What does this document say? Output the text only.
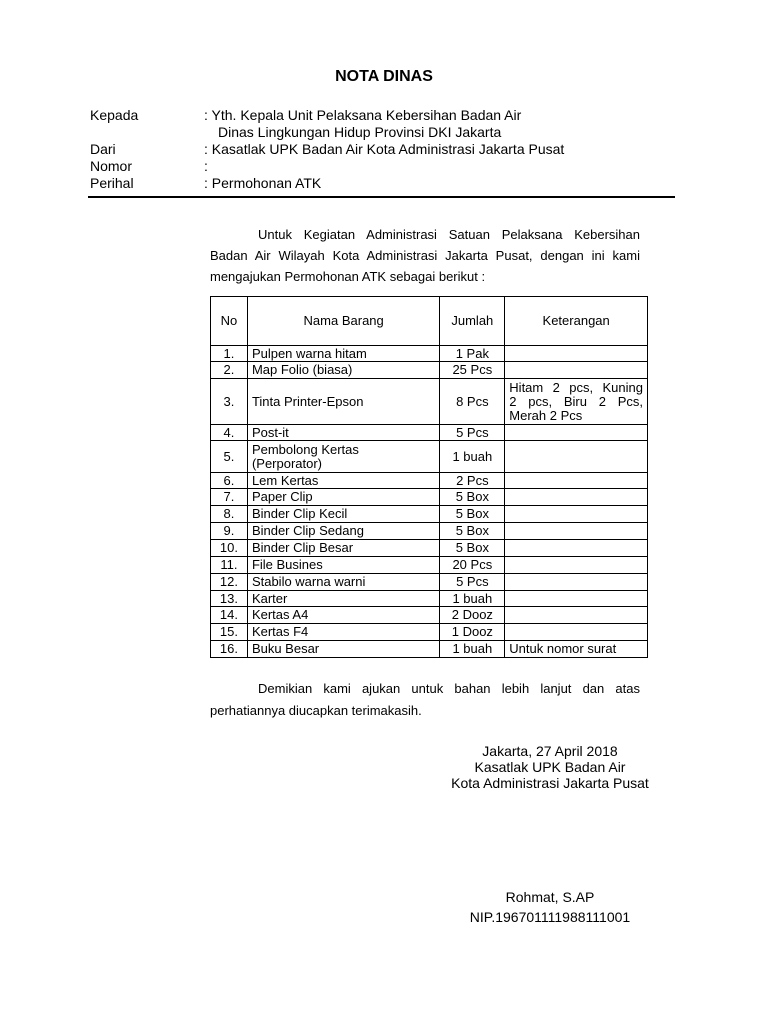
NOTA DINAS
Kepada	: Yth. Kepala Unit Pelaksana Kebersihan Badan Air
Dinas Lingkungan Hidup Provinsi DKI Jakarta
Dari	: Kasatlak UPK Badan Air Kota Administrasi Jakarta Pusat
Nomor	:
Perihal	: Permohonan ATK
Untuk Kegiatan Administrasi Satuan Pelaksana Kebersihan
Badan Air Wilayah Kota Administrasi Jakarta Pusat, dengan ini kami
mengajukan Permohonan ATK sebagai berikut :
No	Nama Barang	Jumlah	Keterangan
1.	Pulpen warna hitam	1 Pak	
2.	Map Folio (biasa)	25 Pcs	
3.	Tinta Printer-Epson	8 Pcs	Hitam 2 pcs, Kuning
2 pcs, Biru 2 Pcs,
Merah 2 Pcs

4.	Post-it	5 Pcs	
5.	Pembolong Kertas
(Perporator)	1 buah	
6.	Lem Kertas	2 Pcs	
7.	Paper Clip	5 Box	
8.	Binder Clip Kecil	5 Box	
9.	Binder Clip Sedang	5 Box	
10.	Binder Clip Besar	5 Box	
11.	File Busines	20 Pcs	
12.	Stabilo warna warni	5 Pcs	
13.	Karter	1 buah	
14.	Kertas A4	2 Dooz	
15.	Kertas F4	1 Dooz	
16.	Buku Besar	1 buah	Untuk nomor surat
Demikian kami ajukan untuk bahan lebih lanjut dan atas
perhatiannya diucapkan terimakasih.
Jakarta, 27 April 2018
Kasatlak UPK Badan Air
Kota Administrasi Jakarta Pusat
Rohmat, S.AP
NIP.196701111988111001
